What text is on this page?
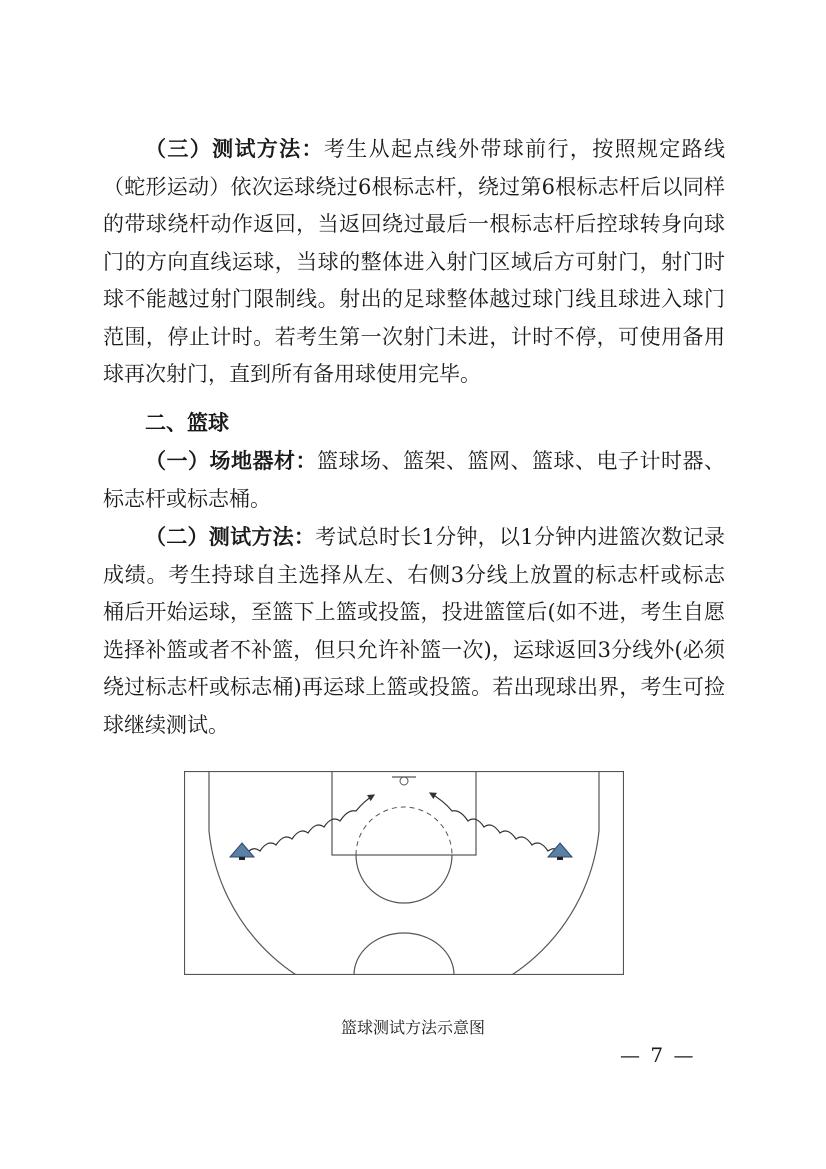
（三）测试方法：考生从起点线外带球前行，按照规定路线（蛇形运动）依次运球绕过6根标志杆，绕过第6根标志杆后以同样的带球绕杆动作返回，当返回绕过最后一根标志杆后控球转身向球门的方向直线运球，当球的整体进入射门区域后方可射门，射门时球不能越过射门限制线。射出的足球整体越过球门线且球进入球门范围，停止计时。若考生第一次射门未进，计时不停，可使用备用球再次射门，直到所有备用球使用完毕。

二、篮球

（一）场地器材：篮球场、篮架、篮网、篮球、电子计时器、标志杆或标志桶。

（二）测试方法：考试总时长1分钟，以1分钟内进篮次数记录成绩。考生持球自主选择从左、右侧3分线上放置的标志杆或标志桶后开始运球，至篮下上篮或投篮，投进篮筐后(如不进，考生自愿选择补篮或者不补篮，但只允许补篮一次)，运球返回3分线外(必须绕过标志杆或标志桶)再运球上篮或投篮。若出现球出界，考生可捡球继续测试。

篮球测试方法示意图

— 7 —
